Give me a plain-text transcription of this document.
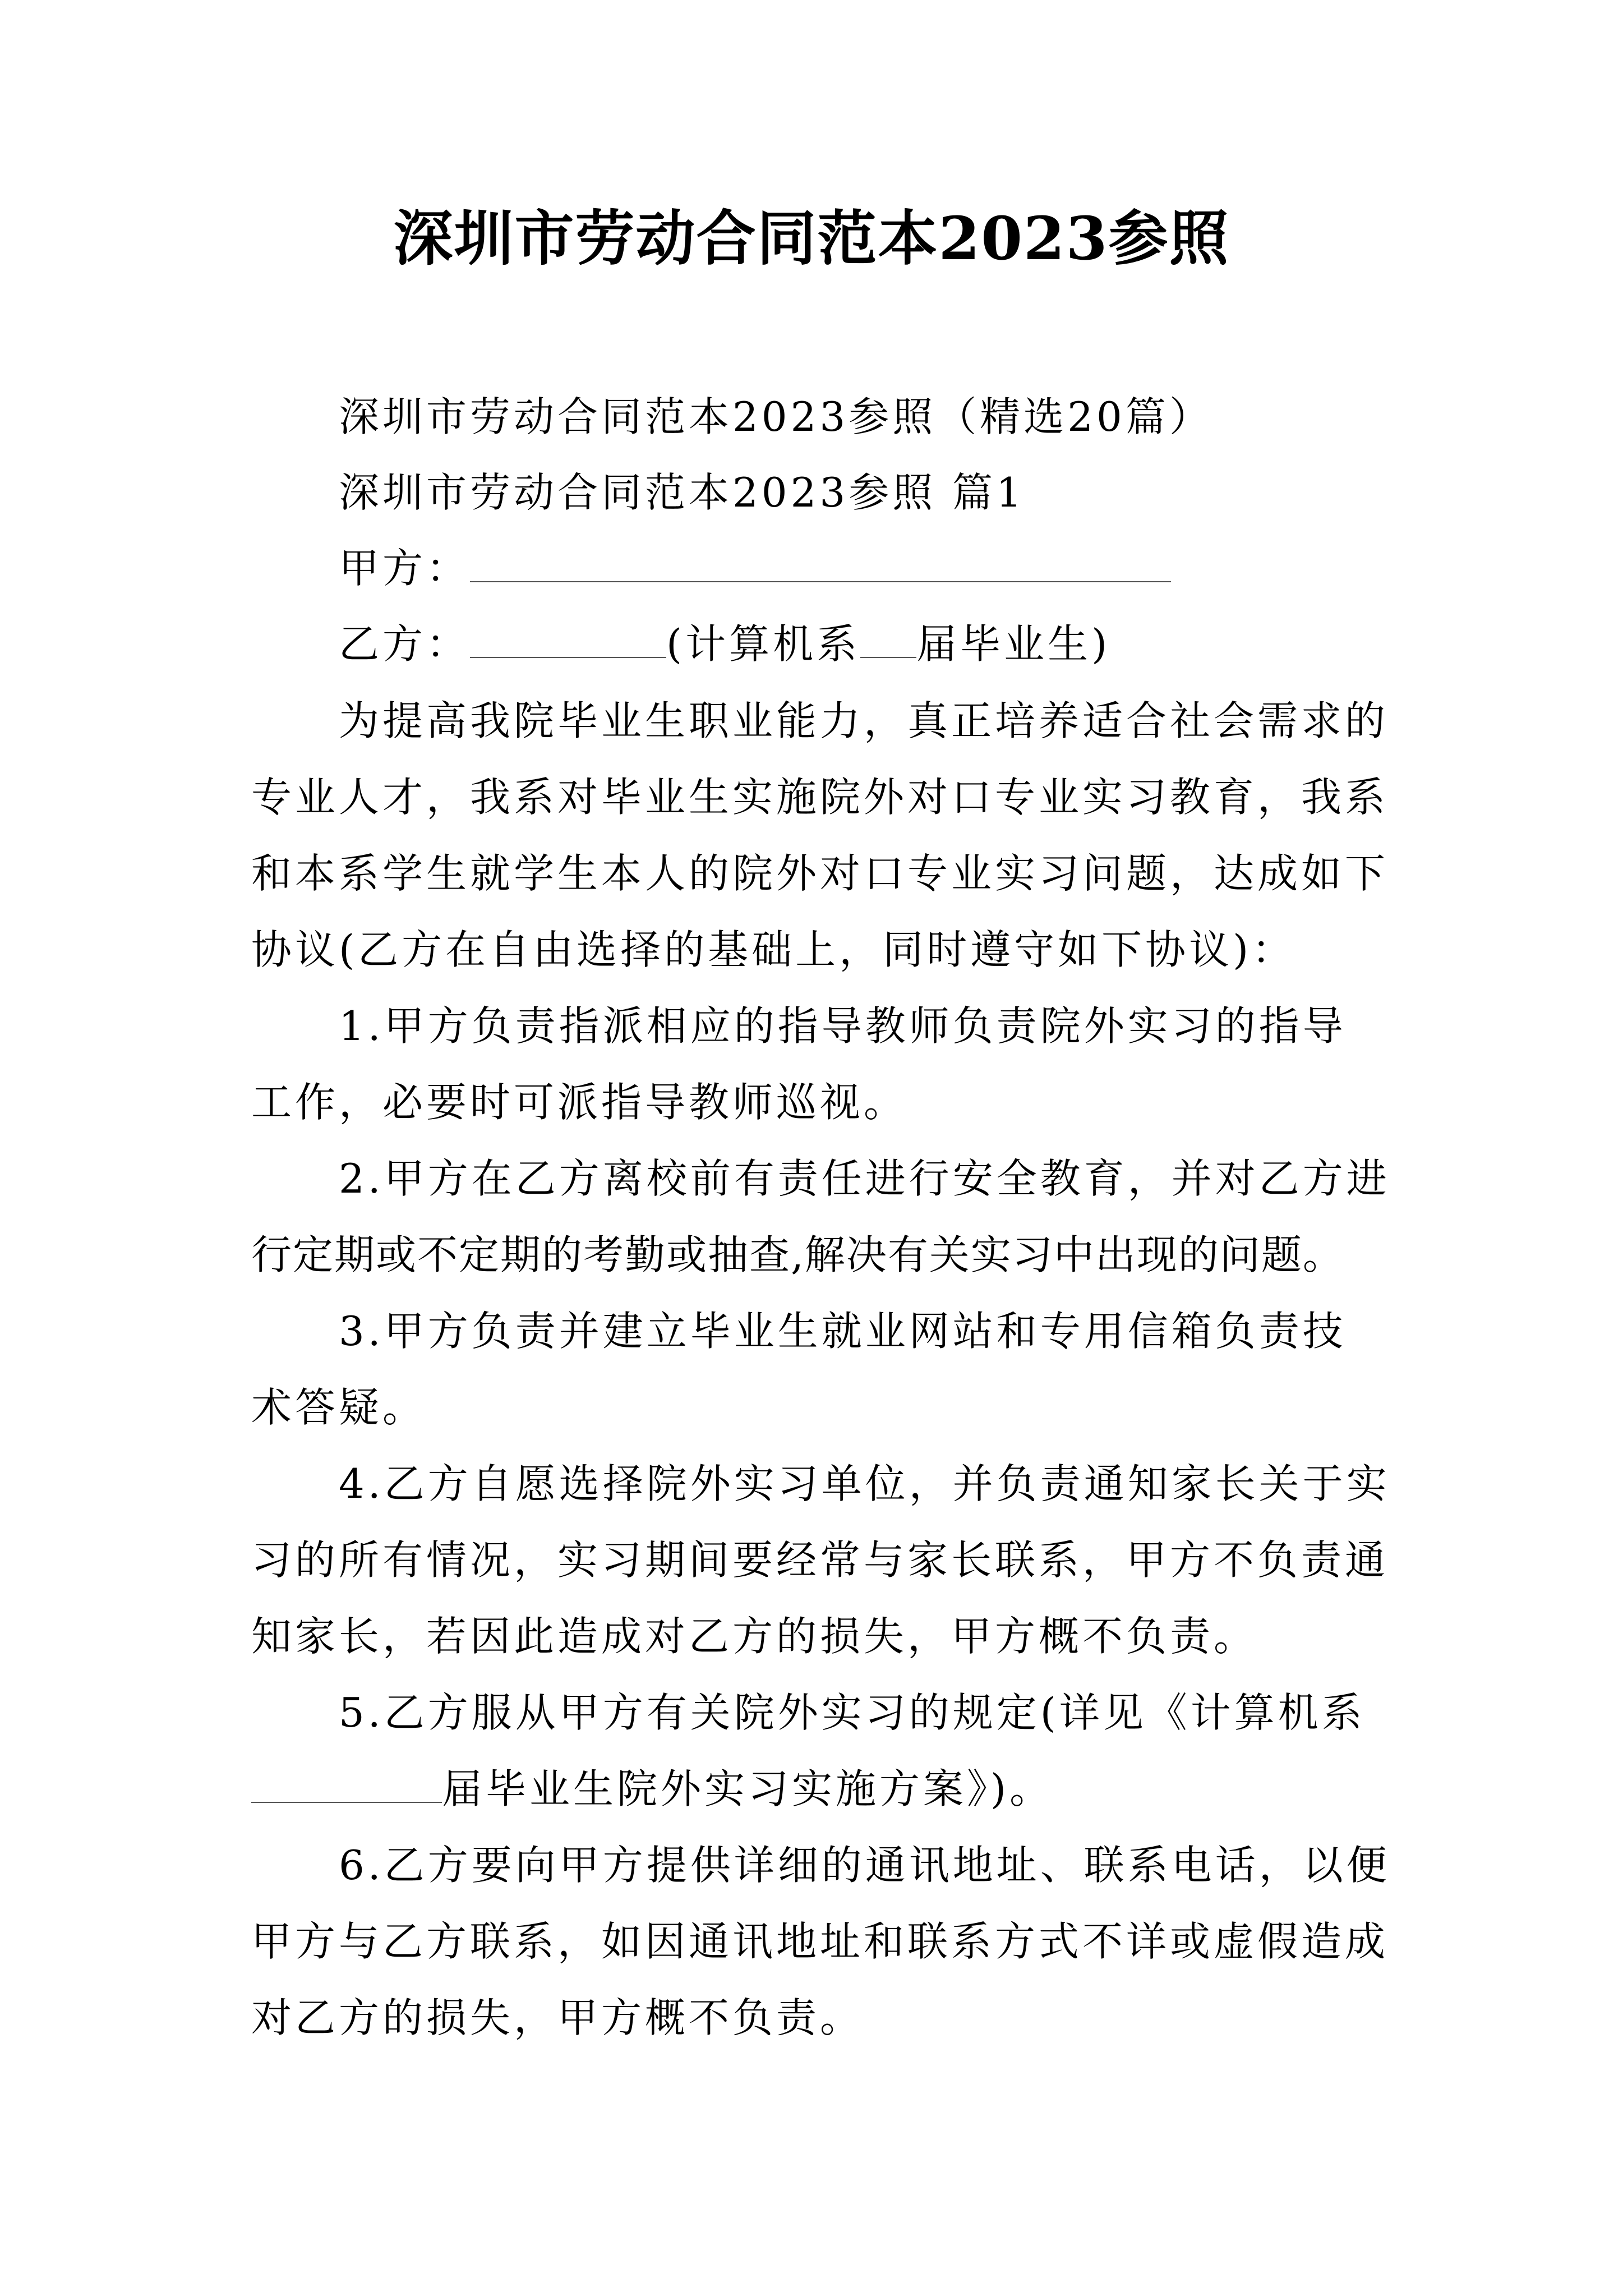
深圳市劳动合同范本2023参照
深圳市劳动合同范本2023参照（精选20篇）
深圳市劳动合同范本2023参照 篇1
甲方：
乙方：	(计算机系 届毕业生)
为提高我院毕业生职业能力，真正培养适合社会需求的
专业人才，我系对毕业生实施院外对口专业实习教育，我系
和本系学生就学生本人的院外对口专业实习问题，达成如下
协议(乙方在自由选择的基础上，同时遵守如下协议)：
1.甲方负责指派相应的指导教师负责院外实习的指导
工作，必要时可派指导教师巡视。
2.甲方在乙方离校前有责任进行安全教育，并对乙方进
行定期或不定期的考勤或抽查,解决有关实习中出现的问题。
3.甲方负责并建立毕业生就业网站和专用信箱负责技
术答疑。
4.乙方自愿选择院外实习单位，并负责通知家长关于实
习的所有情况，实习期间要经常与家长联系，甲方不负责通
知家长，若因此造成对乙方的损失，甲方概不负责。
5.乙方服从甲方有关院外实习的规定(详见《计算机系
届毕业生院外实习实施方案》)。
6.乙方要向甲方提供详细的通讯地址、联系电话，以便
甲方与乙方联系，如因通讯地址和联系方式不详或虚假造成
对乙方的损失，甲方概不负责。
